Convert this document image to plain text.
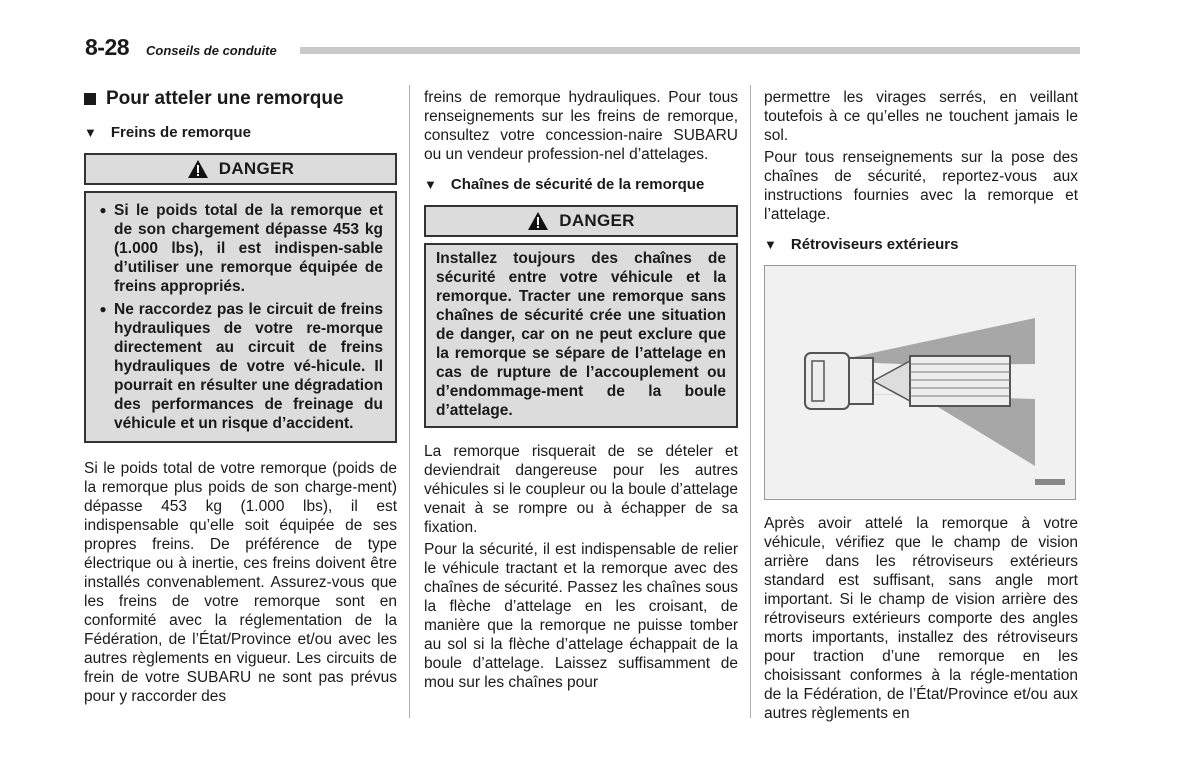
8-28 Conseils de conduite
Pour atteler une remorque
▼ Freins de remorque
DANGER
● Si le poids total de la remorque et de son chargement dépasse 453 kg (1.000 lbs), il est indispen-sable d’utiliser une remorque équipée de freins appropriés.
● Ne raccordez pas le circuit de freins hydrauliques de votre re-morque directement au circuit de freins hydrauliques de votre vé-hicule. Il pourrait en résulter une dégradation des performances de freinage du véhicule et un risque d’accident.

Si le poids total de votre remorque (poids de la remorque plus poids de son charge-ment) dépasse 453 kg (1.000 lbs), il est indispensable qu’elle soit équipée de ses propres freins. De préférence de type électrique ou à inertie, ces freins doivent être installés convenablement. Assurez-vous que les freins de votre remorque sont en conformité avec la réglementation de la Fédération, de l’État/Province et/ou avec les autres règlements en vigueur. Les circuits de frein de votre SUBARU ne sont pas prévus pour y raccorder des

freins de remorque hydrauliques. Pour tous renseignements sur les freins de remorque, consultez votre concession-naire SUBARU ou un vendeur profession-nel d’attelages.

▼ Chaînes de sécurité de la remorque
DANGER
Installez toujours des chaînes de sécurité entre votre véhicule et la remorque. Tracter une remorque sans chaînes de sécurité crée une situation de danger, car on ne peut exclure que la remorque se sépare de l’attelage en cas de rupture de l’accouplement ou d’endommage-ment de la boule d’attelage.

La remorque risquerait de se dételer et deviendrait dangereuse pour les autres véhicules si le coupleur ou la boule d’attelage venait à se rompre ou à échapper de sa fixation.

Pour la sécurité, il est indispensable de relier le véhicule tractant et la remorque avec des chaînes de sécurité. Passez les chaînes sous la flèche d’attelage en les croisant, de manière que la remorque ne puisse tomber au sol si la flèche d’attelage échappait de la boule d’attelage. Laissez suffisamment de mou sur les chaînes pour

permettre les virages serrés, en veillant toutefois à ce qu’elles ne touchent jamais le sol.

Pour tous renseignements sur la pose des chaînes de sécurité, reportez-vous aux instructions fournies avec la remorque et l’attelage.

▼ Rétroviseurs extérieurs

Après avoir attelé la remorque à votre véhicule, vérifiez que le champ de vision arrière dans les rétroviseurs extérieurs standard est suffisant, sans angle mort important. Si le champ de vision arrière des rétroviseurs extérieurs comporte des angles morts importants, installez des rétroviseurs pour traction d’une remorque en les choisissant conformes à la régle-mentation de la Fédération, de l’État/Province et/ou aux autres règlements en
